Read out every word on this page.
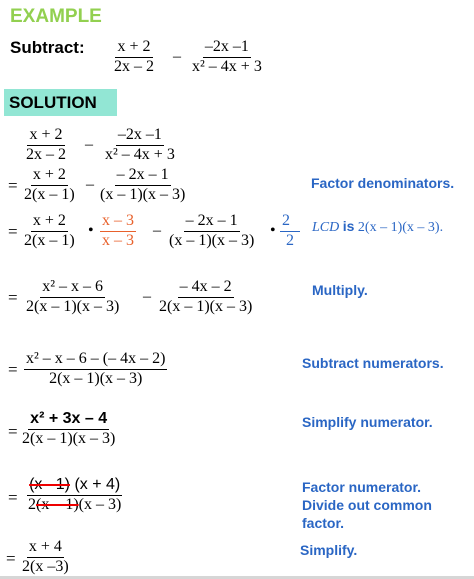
EXAMPLE
Subtract: $\frac{x + 2}{2x - 2} - \frac{-2x -1}{\text{x² – 4x + 3}}$
SOLUTION
$\frac{x + 2}{2x - 2} - \frac{-2x -1}{\text{x² – 4x + 3}}$
= $\frac{x + 2}{2(x - 1)} - \frac{- 2x - 1}{(x - 1)(x - 3)}$	Factor denominators.
= $\frac{x + 2}{2(x - 1)}$ • $\frac{x - 3}{x - 3} - \frac{- 2x - 1}{(x - 1)(x - 3)}$ • $\frac{2}{2}$ LCD is 2(x – 1)(x – 3).
= $\frac{\text{x² – x – 6}}{2(x - 1)(x - 3)} - \frac{- 4x - 2}{2(x - 1)(x - 3)}$	Multiply.
= $\frac{\text{x² – x – 6 – (– 4x – 2)}}{2(x - 1)(x - 3)}$	Subtract numerators.
= $\frac{\text{x² + 3x – 4}}{2(x - 1)(x - 3)}$	Simplify numerator.
= $\frac{(x -1) (x + 4)}{2(x - 1)(x - 3)}$	Factor numerator.
Divide out common
factor.
= $\frac{x + 4}{2(x -3)}$	Simplify.
